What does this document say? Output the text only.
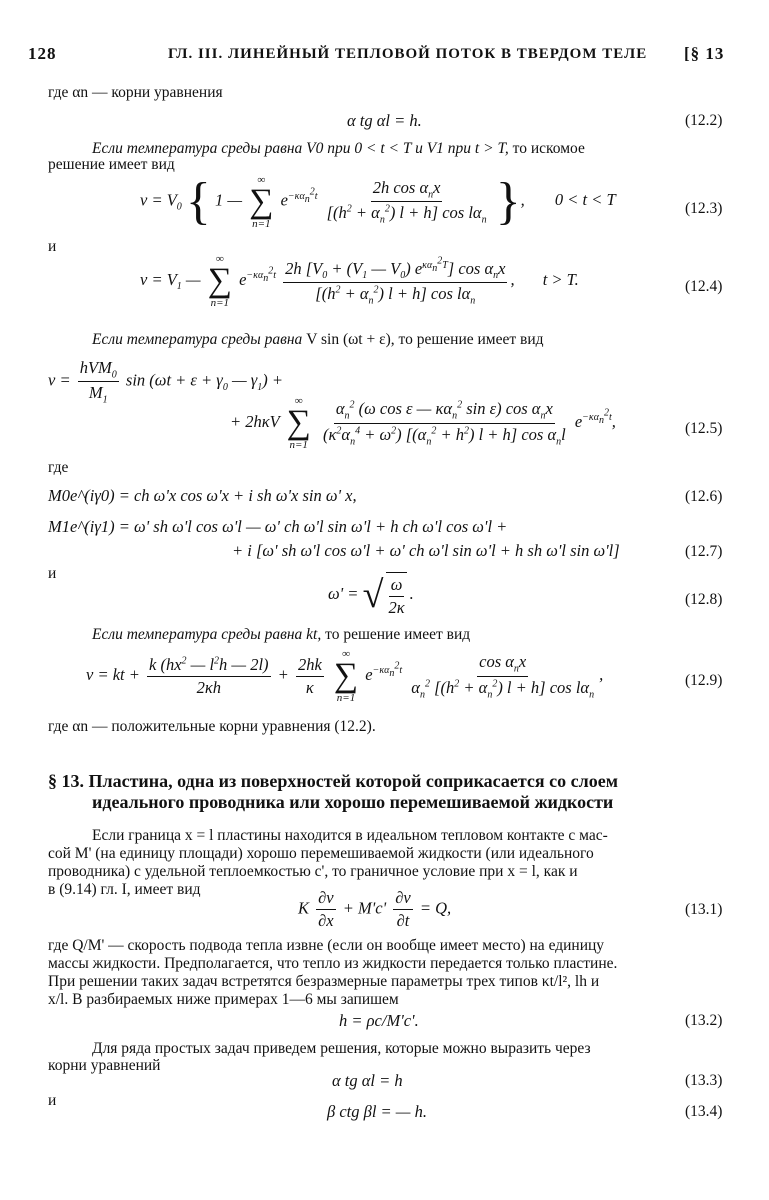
128	ГЛ. III. ЛИНЕЙНЫЙ ТЕПЛОВОЙ ПОТОК В ТВЕРДОМ ТЕЛЕ [§ 13
где αn — корни уравнения
α tg αl = h.	(12.2)
Если температура среды равна V0 при 0 < t < T и V1 при t > T, то искомое
решение имеет вид
$v = V_0$ { 1 —
∞
∑
n=1
$e^{-\kappa\alpha_n^2t} \frac{2h \cos \alpha_nx}{[(h^2 + \alpha_n^2) l + h] \cos l\alpha_n}$ }, 0 < t < T	(12.3)
и
$v = V_1$ —
∞
∑
n=1
$e^{-\kappa\alpha_n^2t} \frac{2h [V_0 + (V_1 — V_0) e^{\kappa\alpha_n^2T}] \cos \alpha_nx}{[(h^2 + \alpha_n^2) l + h] \cos l\alpha_n}$ , t > T.	(12.4)
Если температура среды равна V sin (ωt + ε), то решение имеет вид
$v = \frac{hVM_0}{M_1}$ $\sin (\omega t + \varepsilon + \gamma_0$ — $\gamma_1$) +
+ 2hκV
∞
∑
n=1
$\frac{\alpha_n^2 (\omega \cos \varepsilon — \kappa\alpha_n^2 \sin \varepsilon) \cos \alpha_nx}{(\kappa^2\alpha_n^4 + \omega^2) [(\alpha_n^2 + h^2) l + h] \cos \alpha_nl} e^{-\kappa\alpha_n^2t}$,	(12.5)
где
M0e^(iγ0) = ch ω'x cos ω'x + i sh ω'x sin ω' x,	(12.6)
M1e^(iγ1) = ω' sh ω'l cos ω'l — ω' ch ω'l sin ω'l + h ch ω'l cos ω'l +
+ i [ω' sh ω'l cos ω'l + ω' ch ω'l sin ω'l + h sh ω'l sin ω'l]	(12.7)
и
ω' = √ $\frac{\omega}{2\kappa}$ .	(12.8)
Если температура среды равна kt, то решение имеет вид
v = kt + $\frac{k (hx^2 — l^2h — 2l)}{2\kappa h} + \frac{2hk}{\kappa}$

∞
∑
n=1
$e^{-\kappa\alpha_n^2t} \frac{\cos \alpha_nx}{\alpha_n^2 [(h^2 + \alpha_n^2) l + h] \cos l\alpha_n}$ ,	(12.9)
где αn — положительные корни уравнения (12.2).
§ 13. Пластина, одна из поверхностей которой соприкасается со слоем
идеального проводника или хорошо перемешиваемой жидкости
Если граница x = l пластины находится в идеальном тепловом контакте с мас-
сой M' (на единицу площади) хорошо перемешиваемой жидкости (или идеального
проводника) с удельной теплоемкостью c', то граничное условие при x = l, как и
в (9.14) гл. I, имеет вид
K $\frac{\partial v}{\partial x} + M'c' \frac{\partial v}{\partial t} = Q$,	(13.1)
где Q/M' — скорость подвода тепла извне (если он вообще имеет место) на единицу
массы жидкости. Предполагается, что тепло из жидкости передается только пластине.
При решении таких задач встретятся безразмерные параметры трех типов κt/l², lh и
x/l. В разбираемых ниже примерах 1—6 мы запишем
h = ρc/M'c'.	(13.2)
Для ряда простых задач приведем решения, которые можно выразить через
корни уравнений
α tg αl = h	(13.3)
и
β ctg βl = — h.	(13.4)
